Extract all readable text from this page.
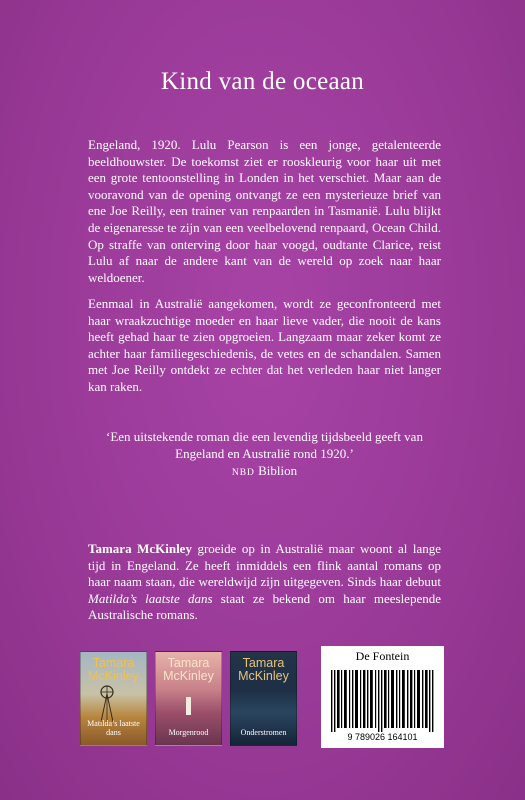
Kind van de oceaan

Engeland, 1920. Lulu Pearson is een jonge, getalenteerde beeldhouwster. De toekomst ziet er rooskleurig voor haar uit met een grote tentoonstelling in Londen in het verschiet. Maar aan de vooravond van de opening ontvangt ze een mysterieuze brief van ene Joe Reilly, een trainer van renpaarden in Tasmanië. Lulu blijkt de eigenaresse te zijn van een veelbelovend renpaard, Ocean Child. Op straffe van onterving door haar voogd, oudtante Clarice, reist Lulu af naar de andere kant van de wereld op zoek naar haar weldoener.

Eenmaal in Australië aangekomen, wordt ze geconfronteerd met haar wraakzuchtige moeder en haar lieve vader, die nooit de kans heeft gehad haar te zien opgroeien. Langzaam maar zeker komt ze achter haar familiegeschiedenis, de vetes en de schandalen. Samen met Joe Reilly ontdekt ze echter dat het verleden haar niet langer kan raken.

‘Een uitstekende roman die een levendig tijdsbeeld geeft van Engeland en Australië rond 1920.’
NBD Biblion

Tamara McKinley groeide op in Australië maar woont al lange tijd in Engeland. Ze heeft inmiddels een flink aantal romans op haar naam staan, die wereldwijd zijn uitgegeven. Sinds haar debuut Matilda’s laatste dans staat ze bekend om haar meeslepende Australische romans.

Tamara McKinley
Matilda’s laatste dans
Tamara McKinley
Morgenrood
Tamara McKinley
Onderstromen
De Fontein
9 789026 164101
